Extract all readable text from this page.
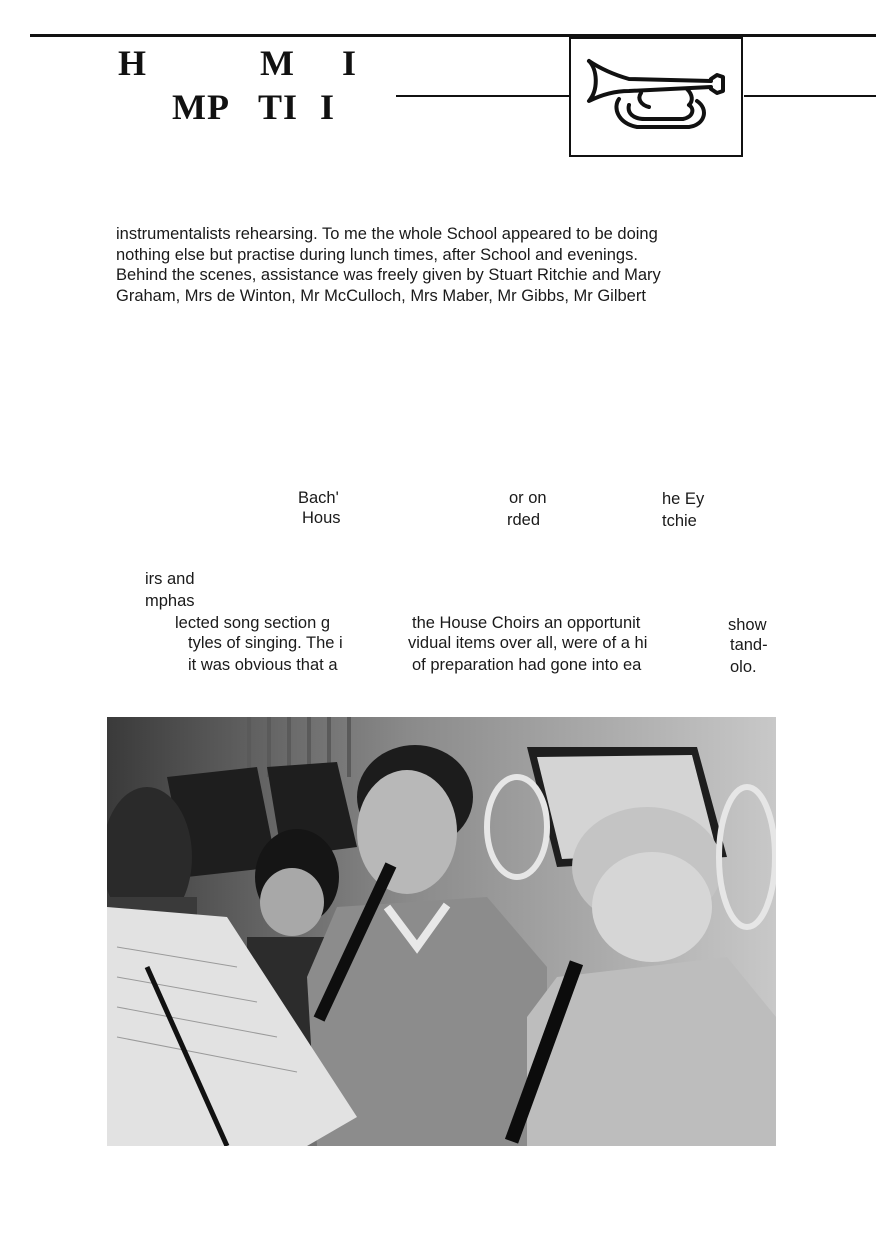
H	M I
MP TI I
instrumentalists rehearsing. To me the whole School appeared to be doing
nothing else but practise during lunch times, after School and evenings.
Behind the scenes, assistance was freely given by Stuart Ritchie and Mary
Graham, Mrs de Winton, Mr McCulloch, Mrs Maber, Mr Gibbs, Mr Gilbert
Bach'
Hous
or on
rded
he Ey
tchie
irs and
mphas
lected song section g	the House Choirs an opportunit	show
tyles of singing. The i	vidual items over all, were of a hi	tand-
it was obvious that a	of preparation had gone into ea	olo.
